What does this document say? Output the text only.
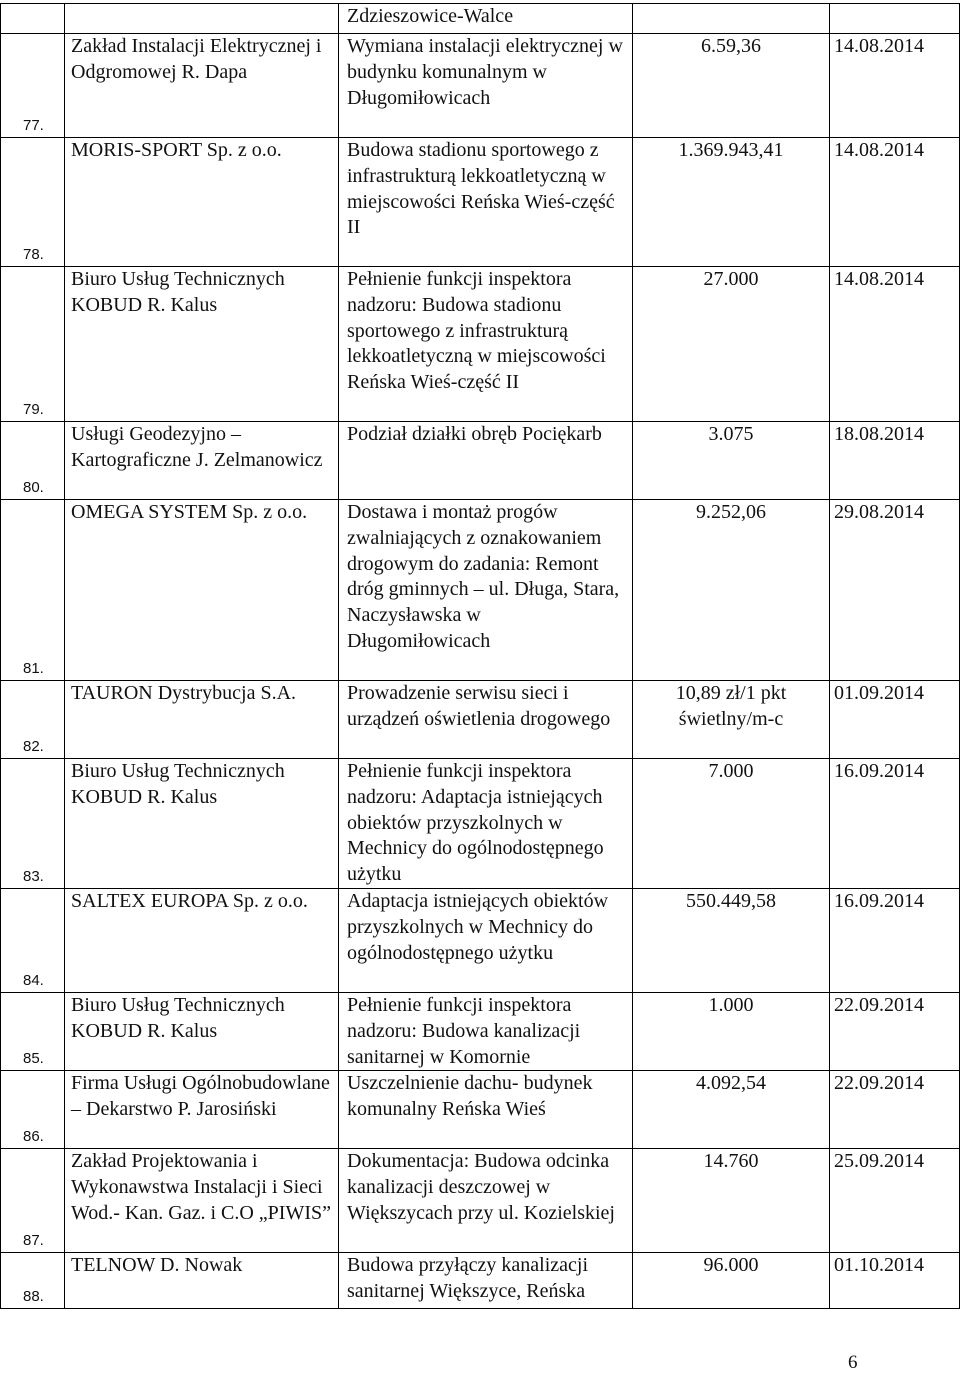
		Zdzieszowice-Walce		
77.	Zakład Instalacji Elektrycznej i Odgromowej R. Dapa	Wymiana instalacji elektrycznej w budynku komunalnym w Długomiłowicach	6.59,36	14.08.2014
78.	MORIS-SPORT Sp. z o.o.	Budowa stadionu sportowego z infrastrukturą lekkoatletyczną w miejscowości Reńska Wieś-część II	1.369.943,41	14.08.2014
79.	Biuro Usług Technicznych KOBUD R. Kalus	Pełnienie funkcji inspektora nadzoru: Budowa stadionu sportowego z infrastrukturą lekkoatletyczną w miejscowości Reńska Wieś-część II	27.000	14.08.2014
80.	Usługi Geodezyjno – Kartograficzne J. Zelmanowicz	Podział działki obręb Pociękarb	3.075	18.08.2014
81.	OMEGA SYSTEM Sp. z o.o.	Dostawa i montaż progów zwalniających z oznakowaniem drogowym do zadania: Remont dróg gminnych – ul. Długa, Stara, Naczysławska w Długomiłowicach	9.252,06	29.08.2014
82.	TAURON Dystrybucja S.A.	Prowadzenie serwisu sieci i urządzeń oświetlenia drogowego	10,89 zł/1 pkt świetlny/m-c	01.09.2014
83.	Biuro Usług Technicznych KOBUD R. Kalus	Pełnienie funkcji inspektora nadzoru: Adaptacja istniejących obiektów przyszkolnych w Mechnicy do ogólnodostępnego użytku	7.000	16.09.2014
84.	SALTEX EUROPA Sp. z o.o.	Adaptacja istniejących obiektów przyszkolnych w Mechnicy do ogólnodostępnego użytku	550.449,58	16.09.2014
85.	Biuro Usług Technicznych KOBUD R. Kalus	Pełnienie funkcji inspektora nadzoru: Budowa kanalizacji sanitarnej w Komornie	1.000	22.09.2014
86.	Firma Usługi Ogólnobudowlane – Dekarstwo P. Jarosiński	Uszczelnienie dachu- budynek komunalny Reńska Wieś	4.092,54	22.09.2014
87.	Zakład Projektowania i Wykonawstwa Instalacji i Sieci Wod.- Kan. Gaz. i C.O „PIWIS”	Dokumentacja: Budowa odcinka kanalizacji deszczowej w Większycach przy ul. Kozielskiej	14.760	25.09.2014
88.	TELNOW D. Nowak	Budowa przyłączy kanalizacji sanitarnej Większyce, Reńska	96.000	01.10.2014
6
